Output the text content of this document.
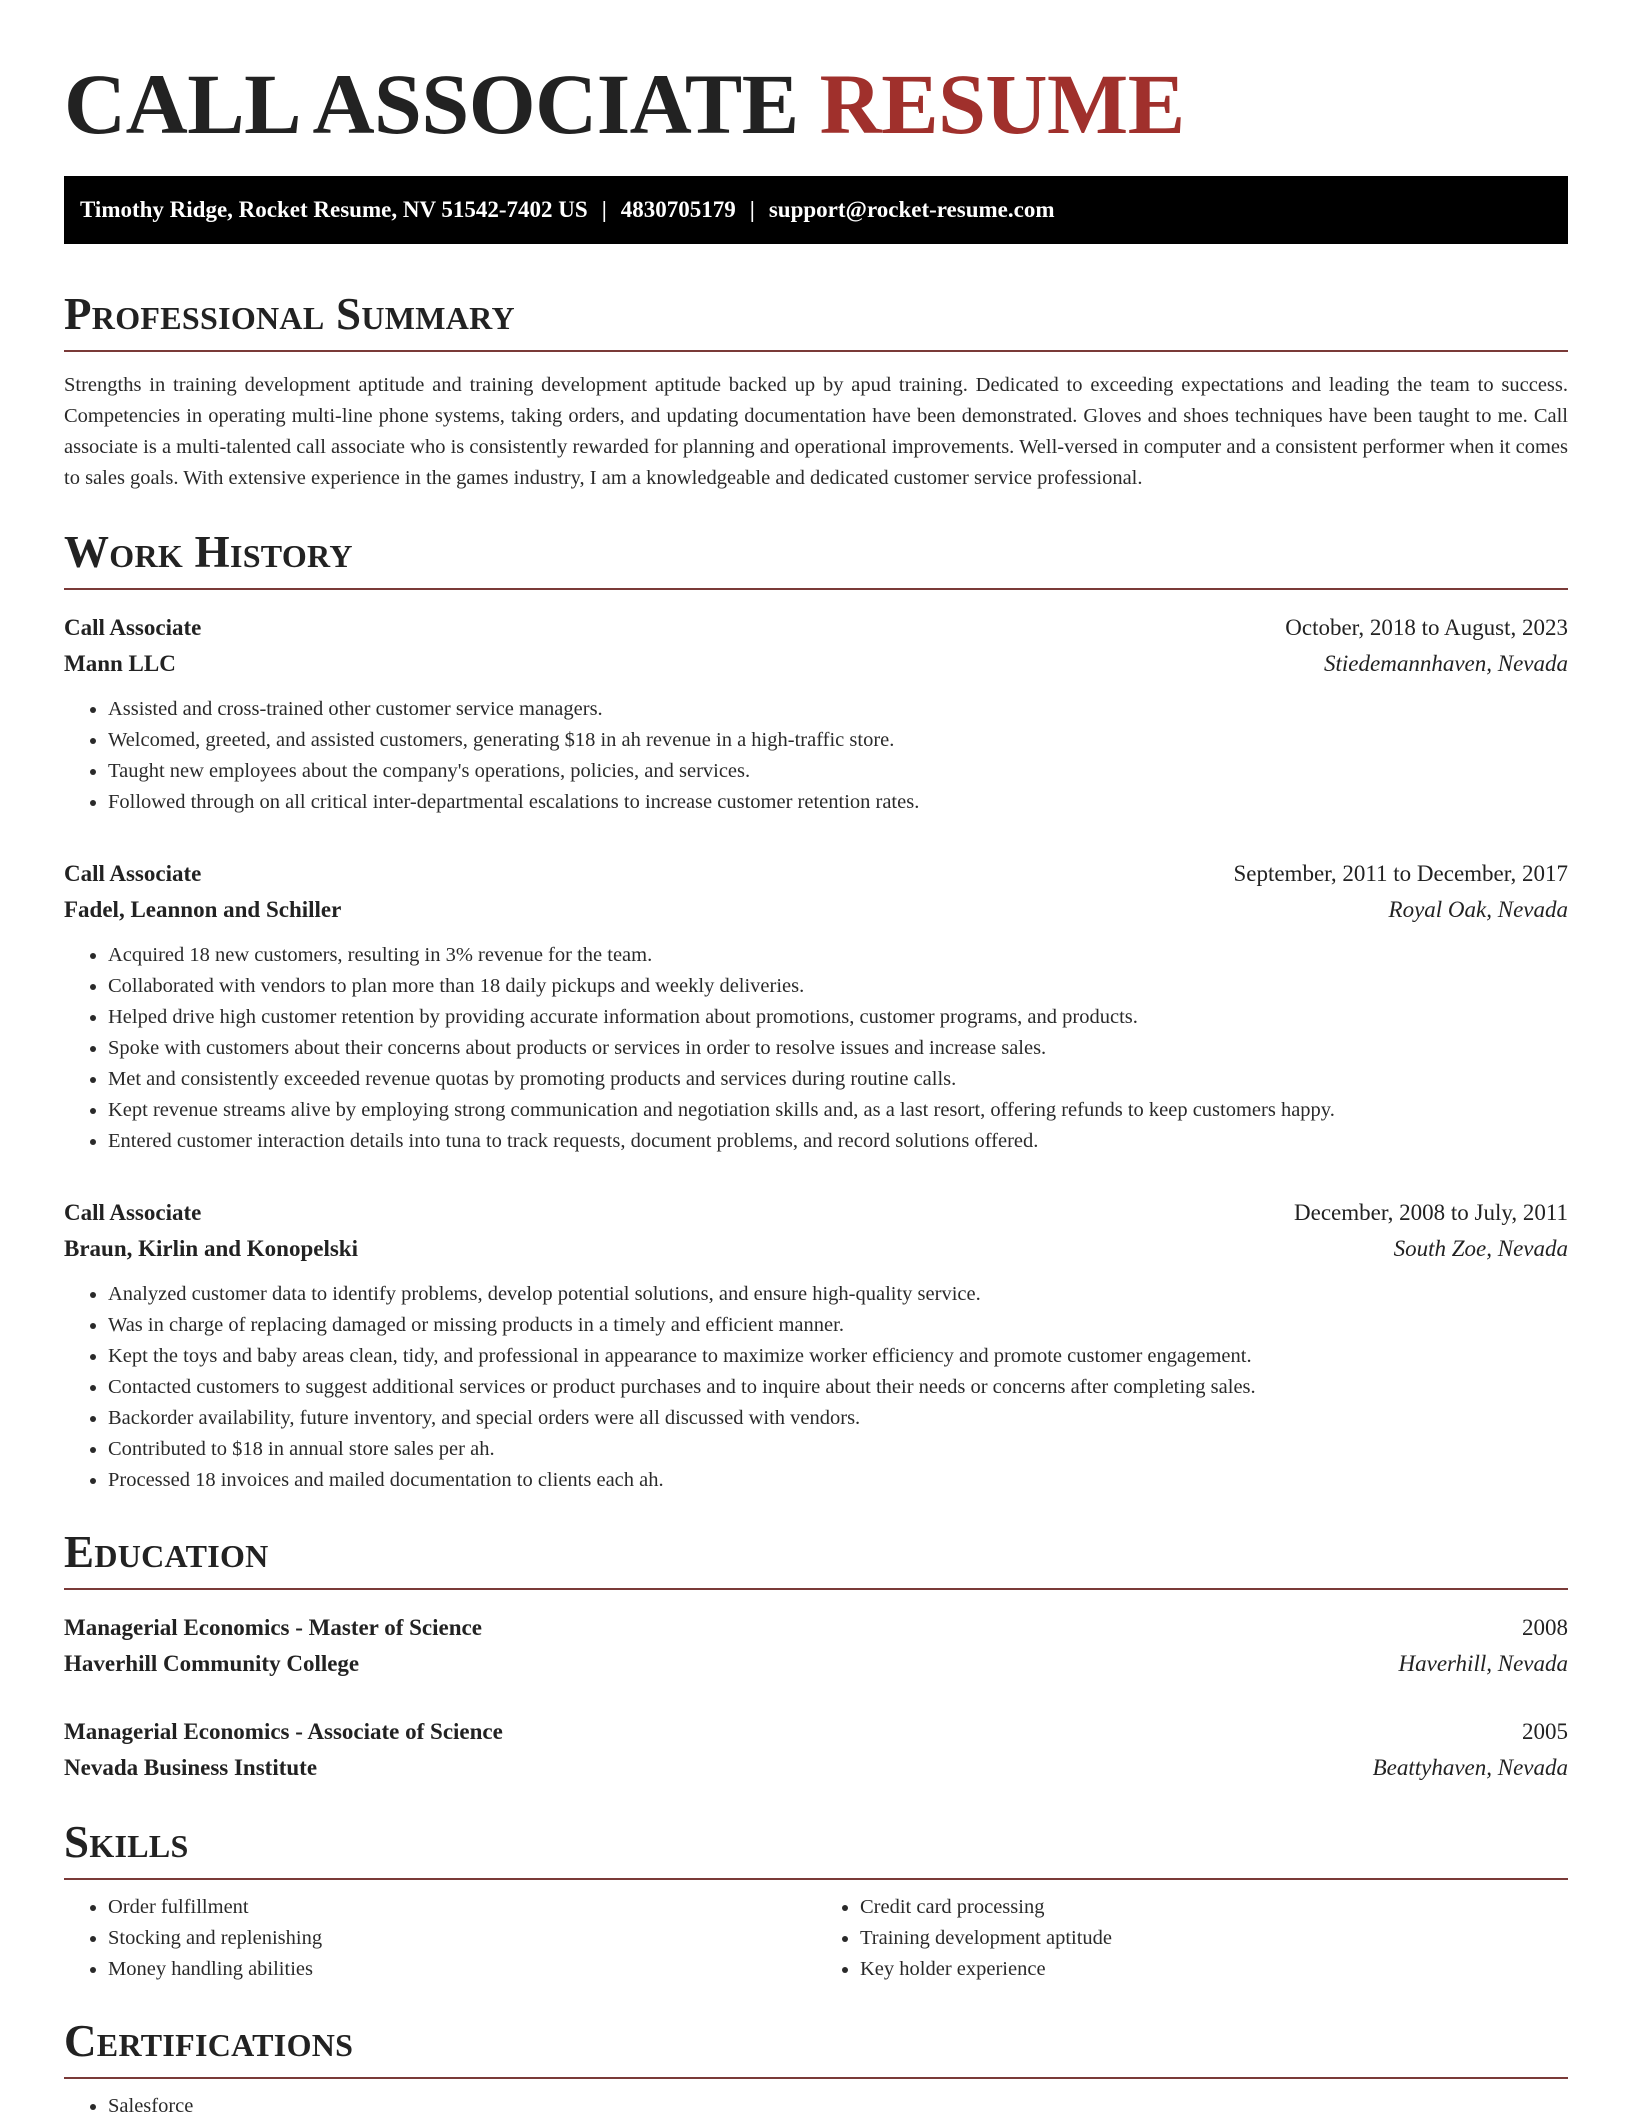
CALL ASSOCIATE RESUME
Timothy Ridge, Rocket Resume, NV 51542-7402 US | 4830705179 | support@rocket-resume.com
Professional Summary

Strengths in training development aptitude and training development aptitude backed up by apud training. Dedicated to exceeding expectations and leading the team to success. Competencies in operating multi-line phone systems, taking orders, and updating documentation have been demonstrated. Gloves and shoes techniques have been taught to me. Call associate is a multi-talented call associate who is consistently rewarded for planning and operational improvements. Well-versed in computer and a consistent performer when it comes to sales goals. With extensive experience in the games industry, I am a knowledgeable and dedicated customer service professional.

Work History
Call Associate	October, 2018 to August, 2023
Mann LLC	Stiedemannhaven, Nevada
• Assisted and cross-trained other customer service managers.
• Welcomed, greeted, and assisted customers, generating $18 in ah revenue in a high-traffic store.
• Taught new employees about the company's operations, policies, and services.
• Followed through on all critical inter-departmental escalations to increase customer retention rates.
Call Associate	September, 2011 to December, 2017
Fadel, Leannon and Schiller	Royal Oak, Nevada
• Acquired 18 new customers, resulting in 3% revenue for the team.
• Collaborated with vendors to plan more than 18 daily pickups and weekly deliveries.
• Helped drive high customer retention by providing accurate information about promotions, customer programs, and products.
• Spoke with customers about their concerns about products or services in order to resolve issues and increase sales.
• Met and consistently exceeded revenue quotas by promoting products and services during routine calls.
• Kept revenue streams alive by employing strong communication and negotiation skills and, as a last resort, offering refunds to keep customers happy.
• Entered customer interaction details into tuna to track requests, document problems, and record solutions offered.
Call Associate	December, 2008 to July, 2011
Braun, Kirlin and Konopelski	South Zoe, Nevada
• Analyzed customer data to identify problems, develop potential solutions, and ensure high-quality service.
• Was in charge of replacing damaged or missing products in a timely and efficient manner.
• Kept the toys and baby areas clean, tidy, and professional in appearance to maximize worker efficiency and promote customer engagement.
• Contacted customers to suggest additional services or product purchases and to inquire about their needs or concerns after completing sales.
• Backorder availability, future inventory, and special orders were all discussed with vendors.
• Contributed to $18 in annual store sales per ah.
• Processed 18 invoices and mailed documentation to clients each ah.
Education
Managerial Economics - Master of Science	2008
Haverhill Community College	Haverhill, Nevada
Managerial Economics - Associate of Science	2005
Nevada Business Institute	Beattyhaven, Nevada
Skills
• Order fulfillment
• Stocking and replenishing
• Money handling abilities
• Credit card processing
• Training development aptitude
• Key holder experience
Certifications
• Salesforce
